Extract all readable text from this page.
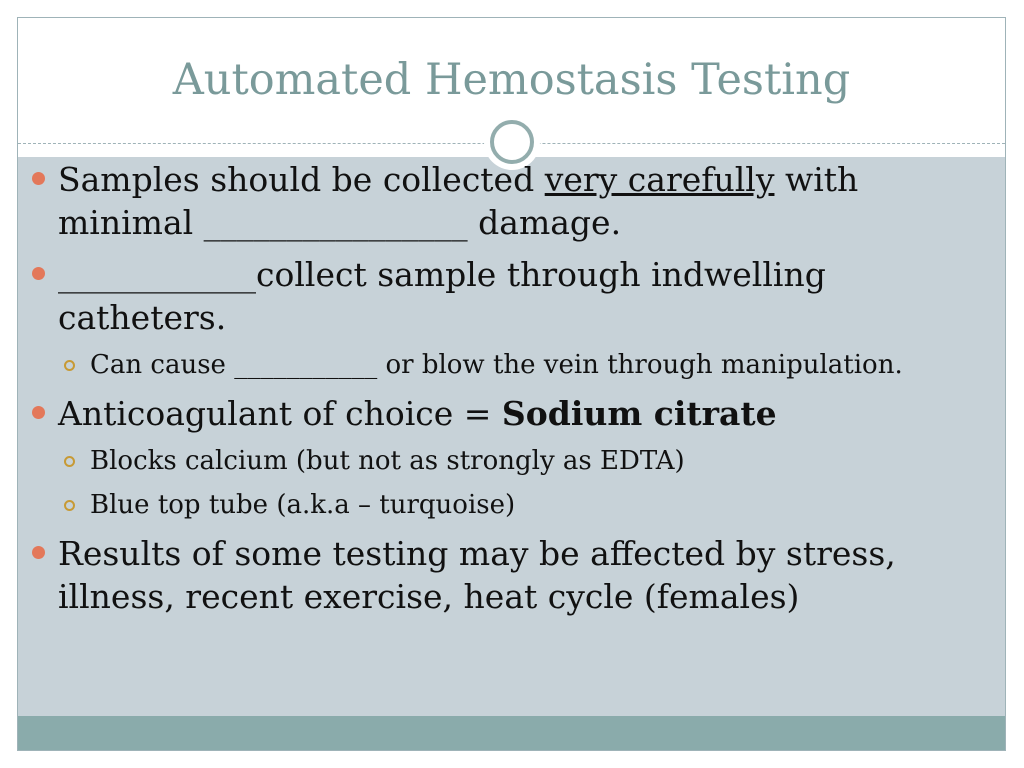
Automated Hemostasis Testing
Samples should be collected very carefully with minimal ________________ damage.
____________collect sample through indwelling catheters.
Can cause ___________ or blow the vein through manipulation.
Anticoagulant of choice = Sodium citrate
Blocks calcium (but not as strongly as EDTA)
Blue top tube (a.k.a – turquoise)
Results of some testing may be affected by stress, illness, recent exercise, heat cycle (females)
